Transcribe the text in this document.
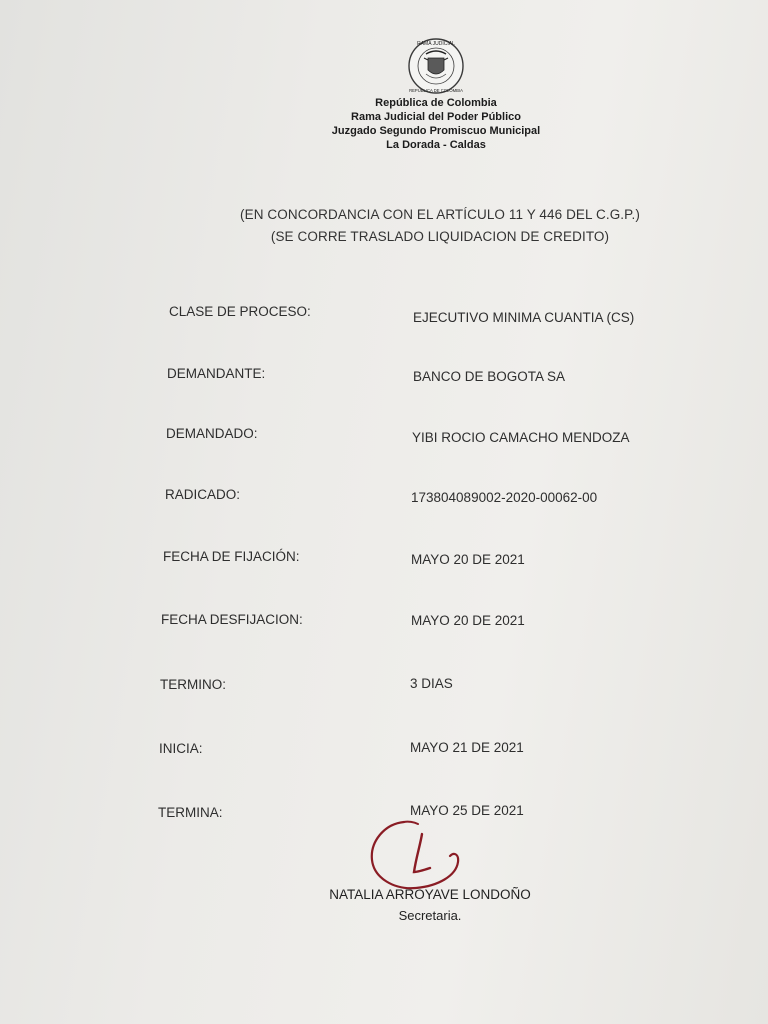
RAMA JUDICIAL
REPÚBLICA DE COLOMBIA
República de Colombia
Rama Judicial del Poder Público
Juzgado Segundo Promiscuo Municipal
La Dorada - Caldas
(EN CONCORDANCIA CON EL ARTÍCULO 11 Y 446 DEL C.G.P.)
(SE CORRE TRASLADO LIQUIDACION DE CREDITO)
CLASE DE PROCESO:	EJECUTIVO MINIMA CUANTIA (CS)
DEMANDANTE:	BANCO DE BOGOTA SA
DEMANDADO:	YIBI ROCIO CAMACHO MENDOZA
RADICADO:	173804089002-2020-00062-00
FECHA DE FIJACIÓN:	MAYO 20 DE 2021
FECHA DESFIJACION:	MAYO 20 DE 2021
TERMINO:	3 DIAS
INICIA:	MAYO 21 DE 2021
TERMINA:	MAYO 25 DE 2021
NATALIA ARROYAVE LONDOÑO
Secretaria.
